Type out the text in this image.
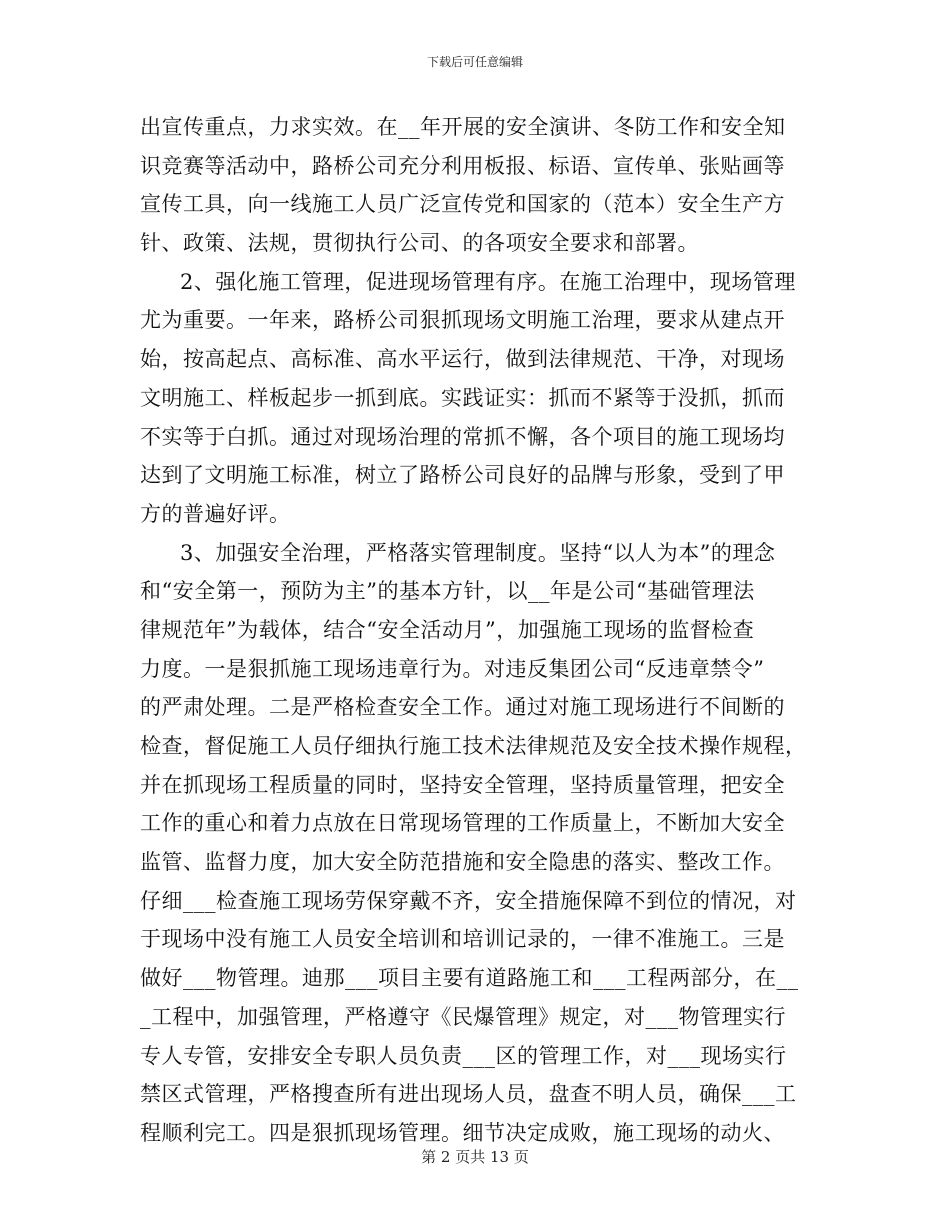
下载后可任意编辑
出宣传重点，力求实效。在__年开展的安全演讲、冬防工作和安全知
识竞赛等活动中，路桥公司充分利用板报、标语、宣传单、张贴画等
宣传工具，向一线施工人员广泛宣传党和国家的（范本）安全生产方
针、政策、法规，贯彻执行公司、的各项安全要求和部署。
2、强化施工管理，促进现场管理有序。在施工治理中，现场管理
尤为重要。一年来，路桥公司狠抓现场文明施工治理，要求从建点开
始，按高起点、高标准、高水平运行，做到法律规范、干净，对现场
文明施工、样板起步一抓到底。实践证实：抓而不紧等于没抓，抓而
不实等于白抓。通过对现场治理的常抓不懈，各个项目的施工现场均
达到了文明施工标准，树立了路桥公司良好的品牌与形象，受到了甲
方的普遍好评。
3、加强安全治理，严格落实管理制度。坚持“以人为本”的理念
和“安全第一，预防为主”的基本方针，以__年是公司“基础管理法
律规范年”为载体，结合“安全活动月”，加强施工现场的监督检查
力度。一是狠抓施工现场违章行为。对违反集团公司“反违章禁令”
的严肃处理。二是严格检查安全工作。通过对施工现场进行不间断的
检查，督促施工人员仔细执行施工技术法律规范及安全技术操作规程，
并在抓现场工程质量的同时，坚持安全管理，坚持质量管理，把安全
工作的重心和着力点放在日常现场管理的工作质量上，不断加大安全
监管、监督力度，加大安全防范措施和安全隐患的落实、整改工作。
仔细___检查施工现场劳保穿戴不齐，安全措施保障不到位的情况，对
于现场中没有施工人员安全培训和培训记录的，一律不准施工。三是
做好___物管理。迪那___项目主要有道路施工和___工程两部分，在__
_工程中，加强管理，严格遵守《民爆管理》规定，对___物管理实行
专人专管，安排安全专职人员负责___区的管理工作，对___现场实行
禁区式管理，严格搜查所有进出现场人员，盘查不明人员，确保___工
程顺利完工。四是狠抓现场管理。细节决定成败，施工现场的动火、
第 2 页共 13 页
